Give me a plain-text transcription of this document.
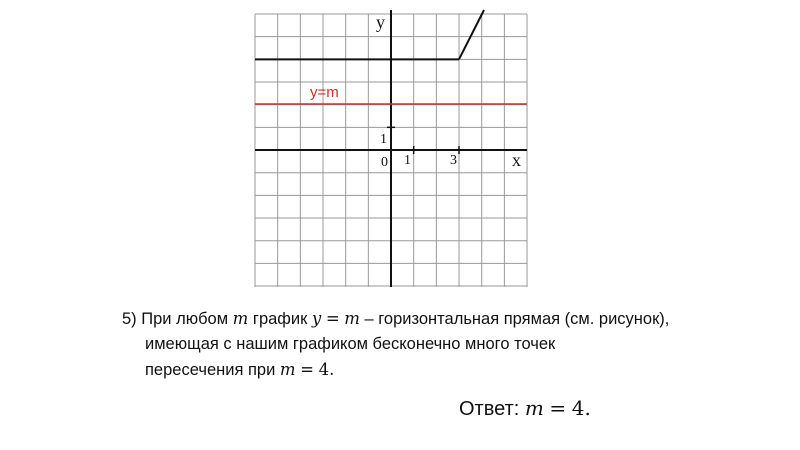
y
x
0 1	3
1
y=m
5) При любом m график y = m – горизонтальная прямая (см. рисунок),
имеющая с нашим графиком бесконечно много точек
пересечения при m = 4.
Ответ: m = 4.
